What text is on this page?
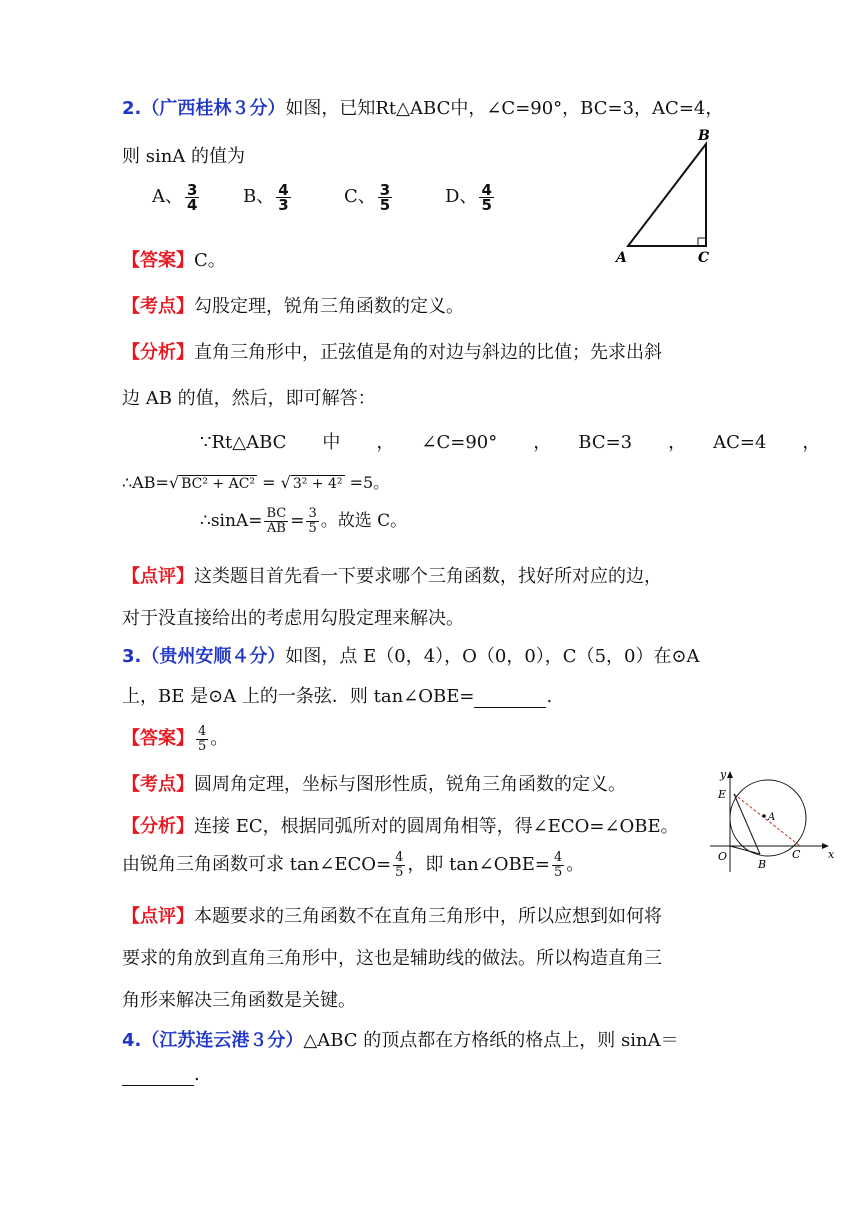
2.（广西桂林３分）如图，已知Rt△ABC中，∠C=90°，BC=3，AC=4，
则 sinA 的值为
A、 $\frac{3}{4}$ B、 $\frac{4}{3}$	C、 $\frac{3}{5}$	D、 $\frac{4}{5}$
B
A	C
【答案】C。
【考点】勾股定理，锐角三角函数的定义。
【分析】直角三角形中，正弦值是角的对边与斜边的比值；先求出斜
边 AB 的值，然后，即可解答：
∵Rt△ABC　　中　　，　　∠C=90°　　，　　BC=3　　，　　AC=4　　，
∴AB=√ BC² + AC² = √ 3² + 4² =5。
∴sinA= $\frac{BC}{AB} = \frac{3}{5}$ 。故选 C。
【点评】这类题目首先看一下要求哪个三角函数，找好所对应的边，
对于没直接给出的考虑用勾股定理来解决。
3.（贵州安顺４分）如图，点 E（0，4），O（0，0），C（5，0）在⊙A
上，BE 是⊙A 上的一条弦．则 tan∠OBE=	.
【答案】 $\frac{4}{5}$ 。
【考点】圆周角定理，坐标与图形性质，锐角三角函数的定义。
【分析】连接 EC，根据同弧所对的圆周角相等，得∠ECO=∠OBE。
由锐角三角函数可求 tan∠ECO= $\frac{4}{5}$ ，即 tan∠OBE= $\frac{4}{5}$ 。
y
E
A
O
B
C	x
【点评】本题要求的三角函数不在直角三角形中，所以应想到如何将
要求的角放到直角三角形中，这也是辅助线的做法。所以构造直角三
角形来解决三角函数是关键。
4.（江苏连云港３分）△ABC 的顶点都在方格纸的格点上，则 sinA＝
.
